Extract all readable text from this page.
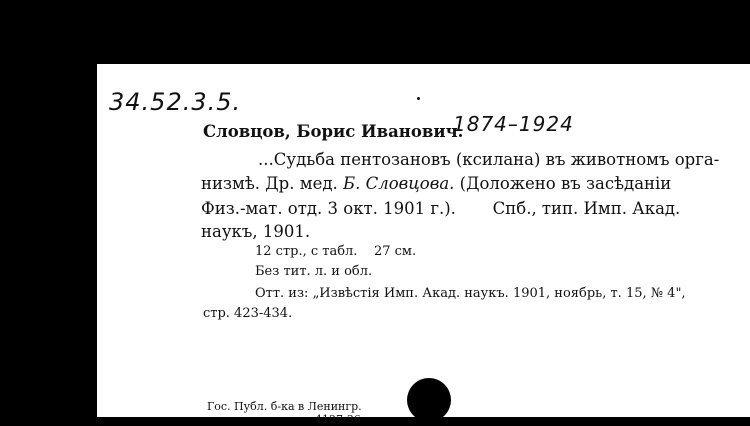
34.52.3.5.
Словцов, Борис Иванович.
1874–1924
...Судьба пентозановъ (ксилана) въ животномъ орга-
низмѣ. Др. мед. Б. Словцова. (Доложено въ засѣданiи
Физ.-мат. отд. 3 окт. 1901 г.).       Спб., тип. Имп. Акад.
наукъ, 1901.
12 стр., с табл.    27 см.
Без тит. л. и обл.
Отт. из: „Извѣстiя Имп. Акад. наукъ. 1901, ноябрь, т. 15, № 4",
стр. 423-434.
Гос. Публ. б-ка в Ленингр.
4127-36
